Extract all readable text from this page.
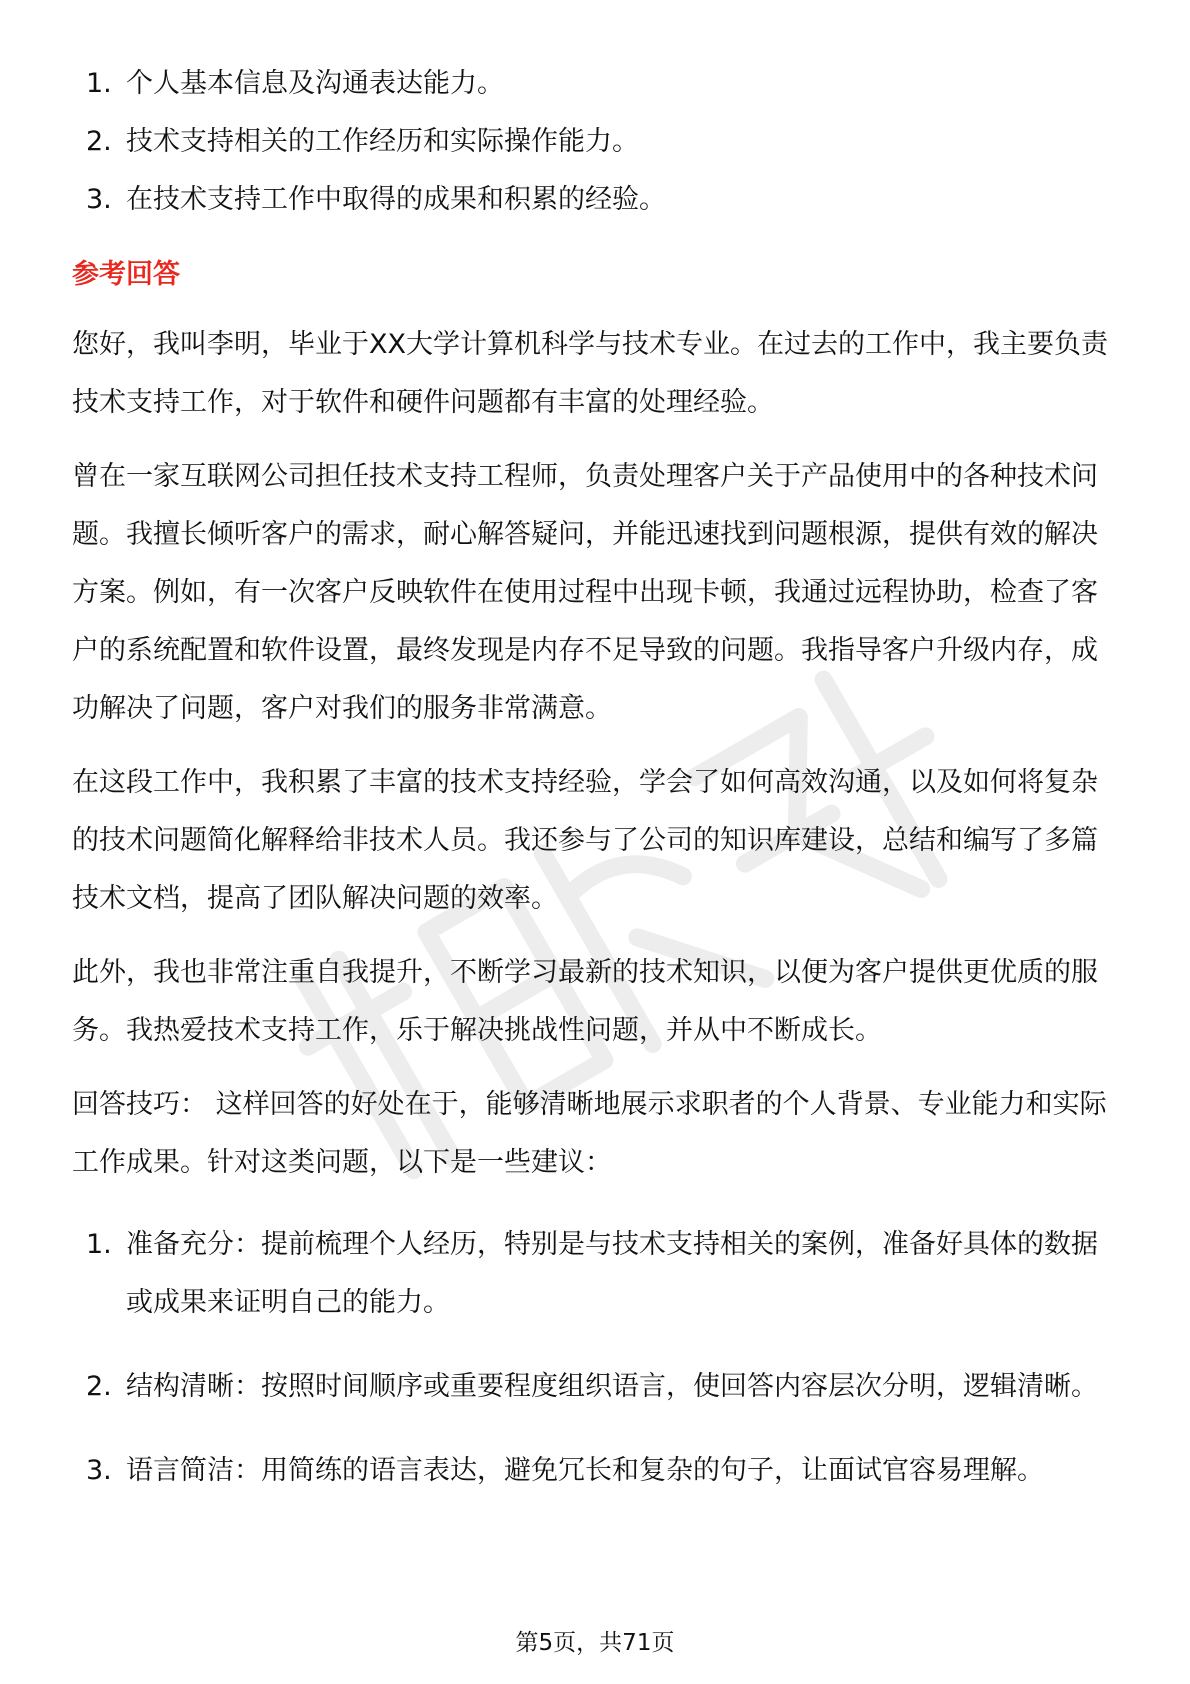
1. 个人基本信息及沟通表达能力。
2. 技术支持相关的工作经历和实际操作能力。
3. 在技术支持工作中取得的成果和积累的经验。
参考回答

您好，我叫李明，毕业于XX大学计算机科学与技术专业。在过去的工作中，我主要负责技术支持工作，对于软件和硬件问题都有丰富的处理经验。

曾在一家互联网公司担任技术支持工程师，负责处理客户关于产品使用中的各种技术问题。我擅长倾听客户的需求，耐心解答疑问，并能迅速找到问题根源，提供有效的解决方案。例如，有一次客户反映软件在使用过程中出现卡顿，我通过远程协助，检查了客户的系统配置和软件设置，最终发现是内存不足导致的问题。我指导客户升级内存，成功解决了问题，客户对我们的服务非常满意。

在这段工作中，我积累了丰富的技术支持经验，学会了如何高效沟通，以及如何将复杂的技术问题简化解释给非技术人员。我还参与了公司的知识库建设，总结和编写了多篇技术文档，提高了团队解决问题的效率。

此外，我也非常注重自我提升，不断学习最新的技术知识，以便为客户提供更优质的服务。我热爱技术支持工作，乐于解决挑战性问题，并从中不断成长。

回答技巧： 这样回答的好处在于，能够清晰地展示求职者的个人背景、专业能力和实际工作成果。针对这类问题，以下是一些建议：

1. 准备充分：提前梳理个人经历，特别是与技术支持相关的案例，准备好具体的数据或成果来证明自己的能力。
2. 结构清晰：按照时间顺序或重要程度组织语言，使回答内容层次分明，逻辑清晰。
3. 语言简洁：用简练的语言表达，避免冗长和复杂的句子，让面试官容易理解。
第5页，共71页
